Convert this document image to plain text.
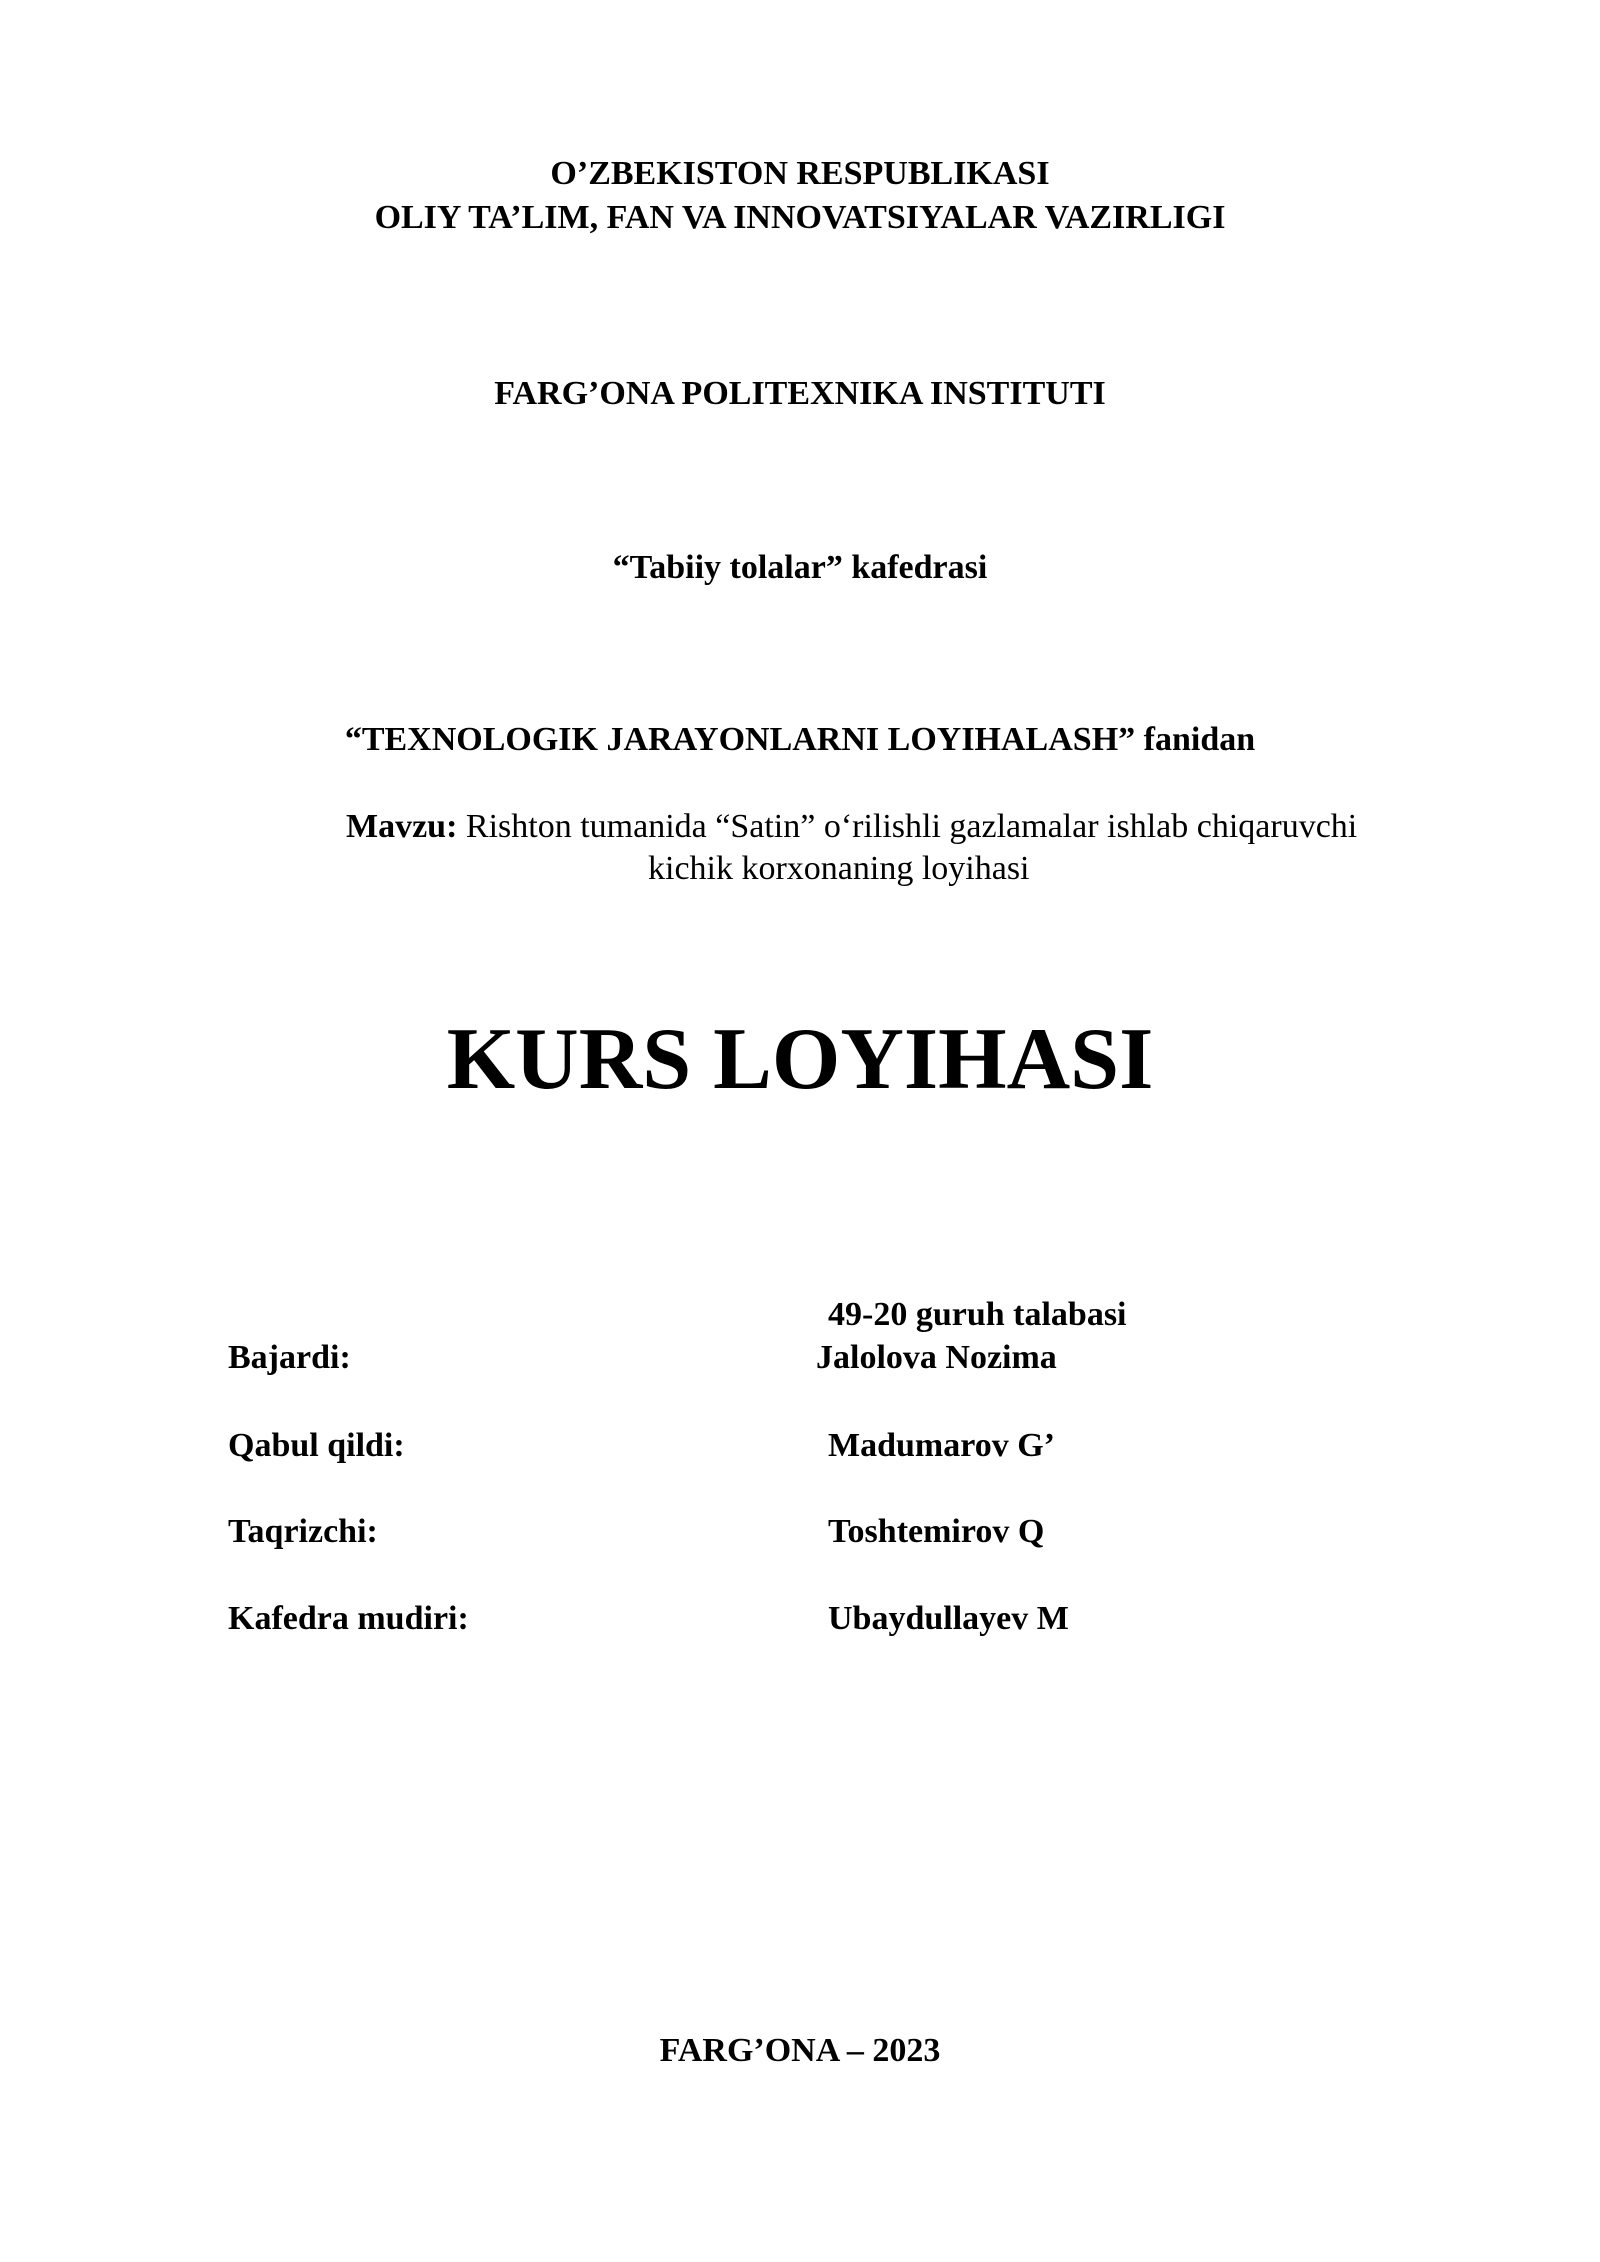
O’ZBEKISTON RESPUBLIKASI
OLIY TA’LIM, FAN VA INNOVATSIYALAR VAZIRLIGI
FARG’ONA POLITEXNIKA INSTITUTI
“Tabiiy tolalar” kafedrasi
“TEXNOLOGIK JARAYONLARNI LOYIHALASH” fanidan
Mavzu: Rishton tumanida “Satin” o‘rilishli gazlamalar ishlab chiqaruvchi
kichik korxonaning loyihasi
KURS LOYIHASI
49-20 guruh talabasi
Bajardi:	Jalolova Nozima
Qabul qildi:	Madumarov G’
Taqrizchi:	Toshtemirov Q
Kafedra mudiri:	Ubaydullayev M
FARG’ONA – 2023
